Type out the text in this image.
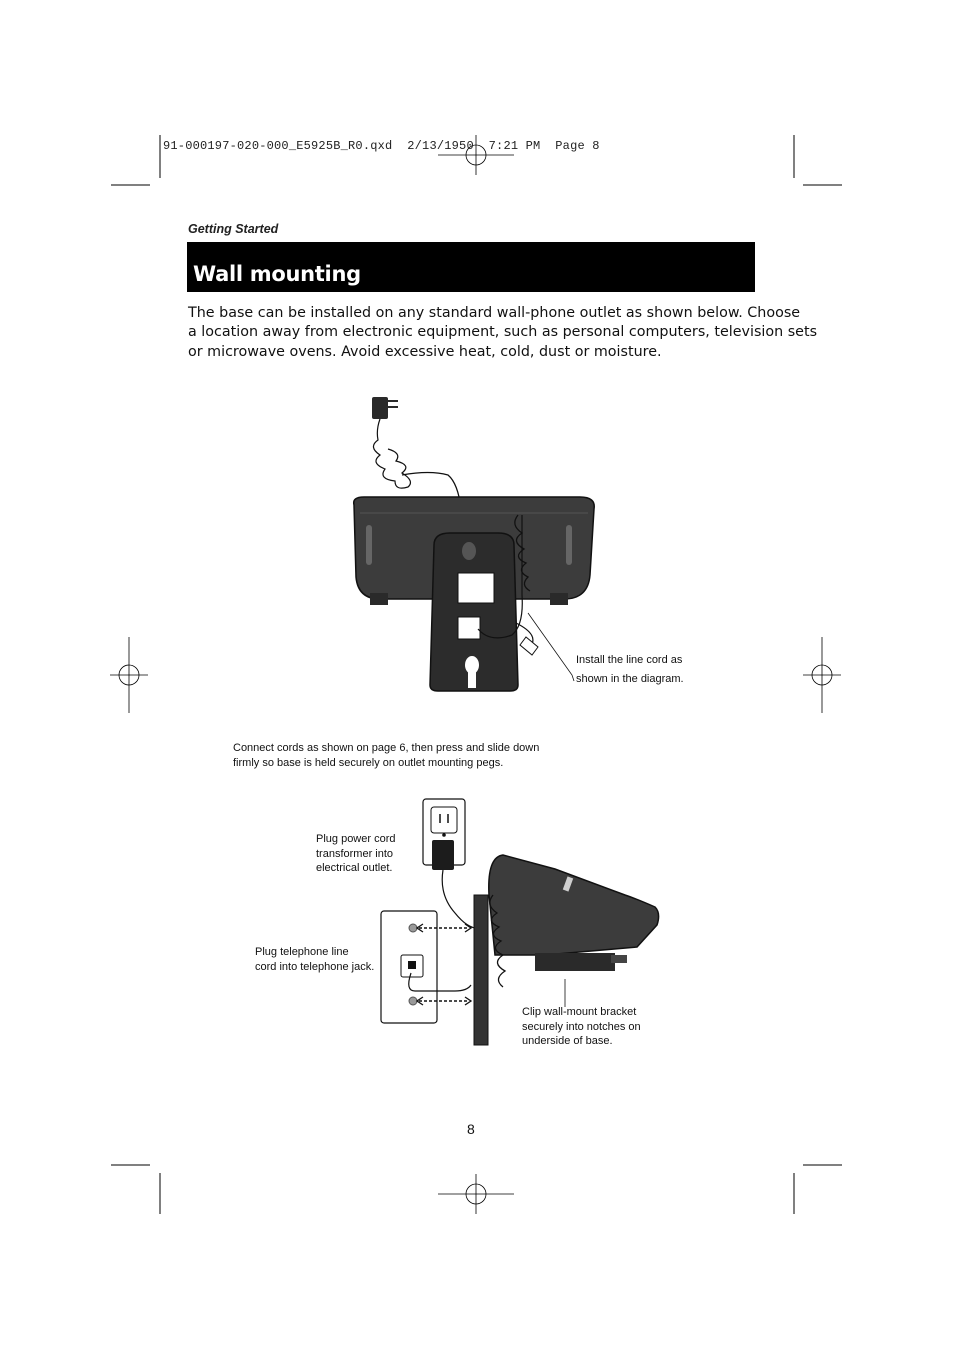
91-000197-020-000_E5925B_R0.qxd  2/13/1950  7:21 PM  Page 8
Getting Started
Wall mounting
The base can be installed on any standard wall-phone outlet as shown below. Choose
a location away from electronic equipment, such as personal computers, television sets
or microwave ovens. Avoid excessive heat, cold, dust or moisture.
Install the line cord as
shown in the diagram.
Connect cords as shown on page 6, then press and slide down
firmly so base is held securely on outlet mounting pegs.
Plug power cord
transformer into
electrical outlet.
Plug telephone line
cord into telephone jack.
Clip wall-mount bracket
securely into notches on
underside of base.
8
